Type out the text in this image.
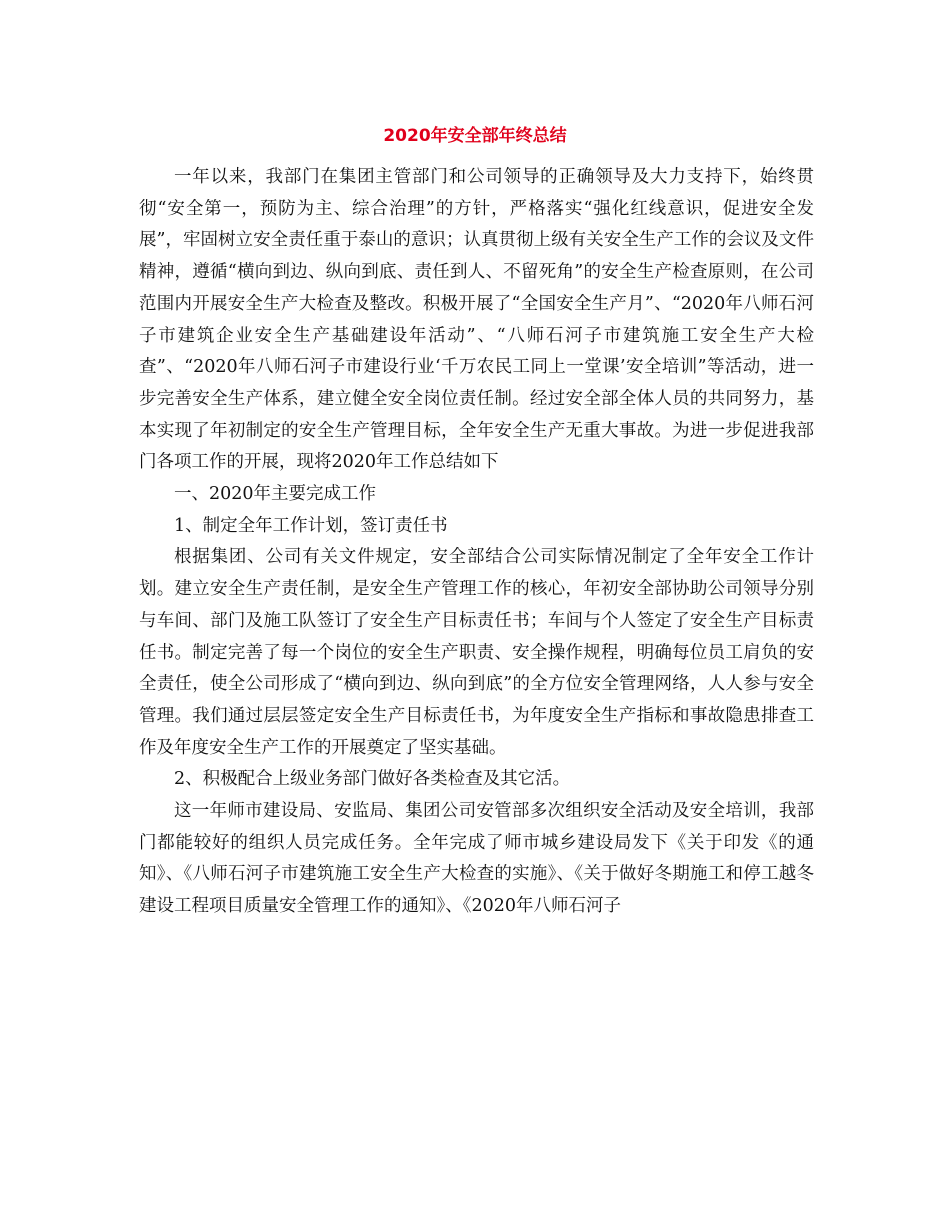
2020年安全部年终总结

一年以来，我部门在集团主管部门和公司领导的正确领导及大力支持下，始终贯彻“安全第一，预防为主、综合治理”的方针，严格落实“强化红线意识，促进安全发展”，牢固树立安全责任重于泰山的意识；认真贯彻上级有关安全生产工作的会议及文件精神，遵循“横向到边、纵向到底、责任到人、不留死角”的安全生产检查原则，在公司范围内开展安全生产大检查及整改。积极开展了“全国安全生产月”、“2020年八师石河子市建筑企业安全生产基础建设年活动”、“八师石河子市建筑施工安全生产大检查”、“2020年八师石河子市建设行业‘千万农民工同上一堂课’安全培训”等活动，进一步完善安全生产体系，建立健全安全岗位责任制。经过安全部全体人员的共同努力，基本实现了年初制定的安全生产管理目标，全年安全生产无重大事故。为进一步促进我部门各项工作的开展，现将2020年工作总结如下

一、2020年主要完成工作

1、制定全年工作计划，签订责任书

根据集团、公司有关文件规定，安全部结合公司实际情况制定了全年安全工作计划。建立安全生产责任制，是安全生产管理工作的核心，年初安全部协助公司领导分别与车间、部门及施工队签订了安全生产目标责任书；车间与个人签定了安全生产目标责任书。制定完善了每一个岗位的安全生产职责、安全操作规程，明确每位员工肩负的安全责任，使全公司形成了“横向到边、纵向到底”的全方位安全管理网络，人人参与安全管理。我们通过层层签定安全生产目标责任书，为年度安全生产指标和事故隐患排查工作及年度安全生产工作的开展奠定了坚实基础。

2、积极配合上级业务部门做好各类检查及其它活。

这一年师市建设局、安监局、集团公司安管部多次组织安全活动及安全培训，我部门都能较好的组织人员完成任务。全年完成了师市城乡建设局发下《关于印发《的通知》、《八师石河子市建筑施工安全生产大检查的实施》、《关于做好冬期施工和停工越冬建设工程项目质量安全管理工作的通知》、《2020年八师石河子
